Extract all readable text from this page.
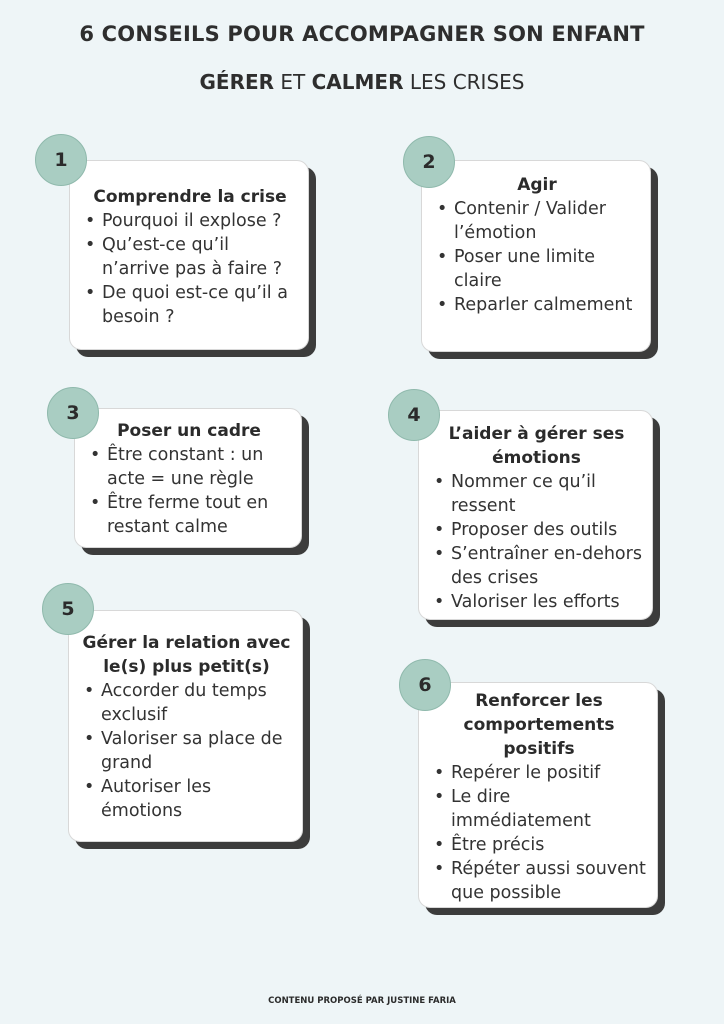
6 CONSEILS POUR ACCOMPAGNER SON ENFANT
GÉRER ET CALMER LES CRISES
Comprendre la crise
• Pourquoi il explose ?
• Qu’est-ce qu’il n’arrive pas à faire ?
• De quoi est-ce qu’il a besoin ?
1
Agir
• Contenir / Valider l’émotion
• Poser une limite claire
• Reparler calmement
2
Poser un cadre
• Être constant : un acte = une règle
• Être ferme tout en restant calme
3
L’aider à gérer ses émotions
• Nommer ce qu’il ressent
• Proposer des outils
• S’entraîner en-dehors des crises
• Valoriser les efforts
4
Gérer la relation avec le(s) plus petit(s)
• Accorder du temps exclusif
• Valoriser sa place de grand
• Autoriser les émotions
5
Renforcer les comportements positifs
• Repérer le positif
• Le dire immédiatement
• Être précis
• Répéter aussi souvent que possible
6
CONTENU PROPOSÉ PAR JUSTINE FARIA
